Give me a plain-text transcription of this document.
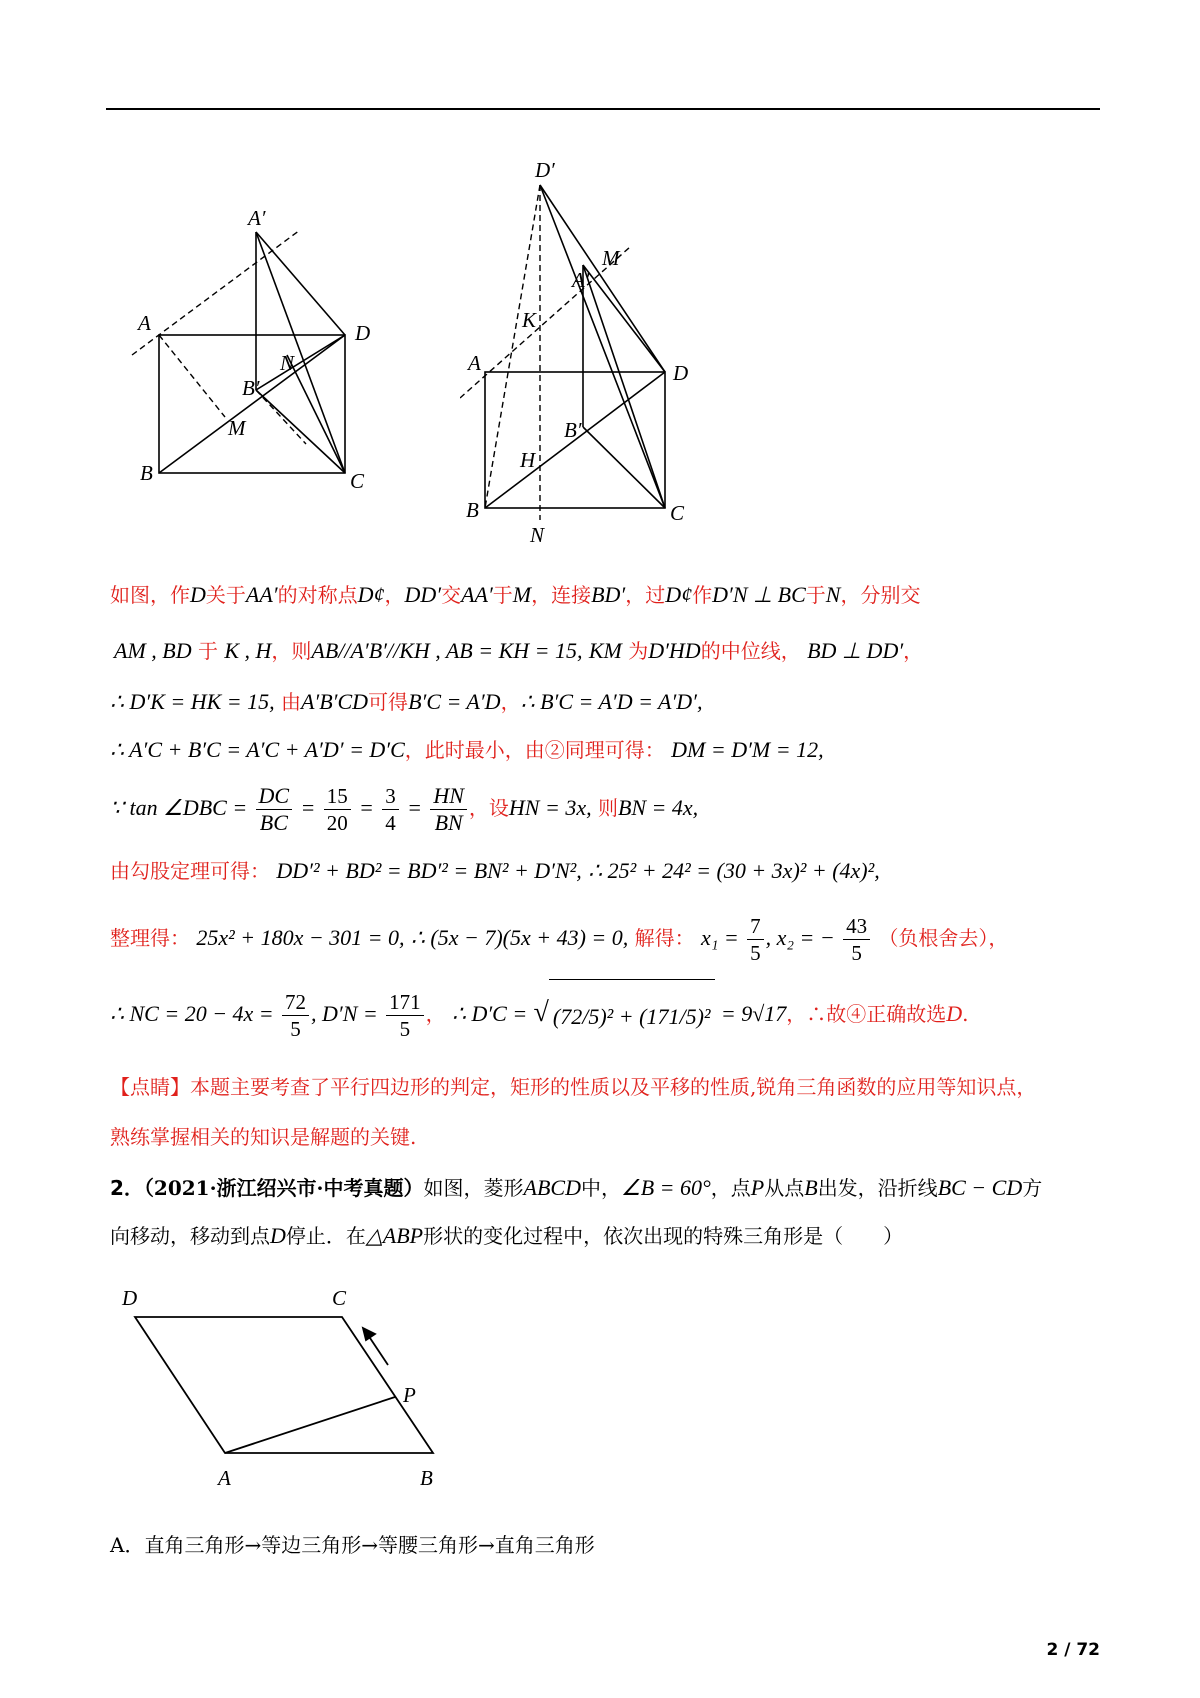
A′
A	D
N
B′
M
B	C
D′
M
A′
K
A	D
B′
H
B	C
N
如图，作D关于AA′的对称点D¢，DD′交AA′于M，连接BD′，过D¢作D′N ⊥ BC于N，分别交
AM , BD 于 K , H，则AB//A′B′//KH , AB = KH = 15, KM 为D′HD的中位线， BD ⊥ DD′，
∴ D′K = HK = 15, 由A′B′CD可得B′C = A′D，∴ B′C = A′D = A′D′,
∴ A′C + B′C = A′C + A′D′ = D′C，此时最小，由②同理可得： DM = D′M = 12,
∵ tan ∠DBC = $\frac{DC}{BC} = \frac{15}{20} = \frac{3}{4} = \frac{HN}{BN}$ ，设HN = 3x, 则BN = 4x,
由勾股定理可得： DD′² + BD² = BD′² = BN² + D′N², ∴ 25² + 24² = (30 + 3x)² + (4x)²,
整理得： 25x² + 180x − 301 = 0, ∴ (5x − 7)(5x + 43) = 0, 解得： $x_1 = \frac{7}{5}$ , x₂ = − $\frac{43}{5}$ （负根舍去），
∴ NC = $20 - 4x = \frac{72}{5}$ , $D'N = \frac{171}{5}$ ， ∴ D′C = √ (72/5)² + (171/5)² = 9√17，∴故④正确故选D.
【点睛】本题主要考查了平行四边形的判定，矩形的性质以及平移的性质,锐角三角函数的应用等知识点，
熟练掌握相关的知识是解题的关键.
2．（2021·浙江绍兴市·中考真题）如图，菱形ABCD中，∠B = 60°，点P从点B出发，沿折线BC − CD方
向移动，移动到点D停止．在△ABP形状的变化过程中，依次出现的特殊三角形是（　　）
D	C
P
A	B
A．直角三角形→等边三角形→等腰三角形→直角三角形
2 / 72
